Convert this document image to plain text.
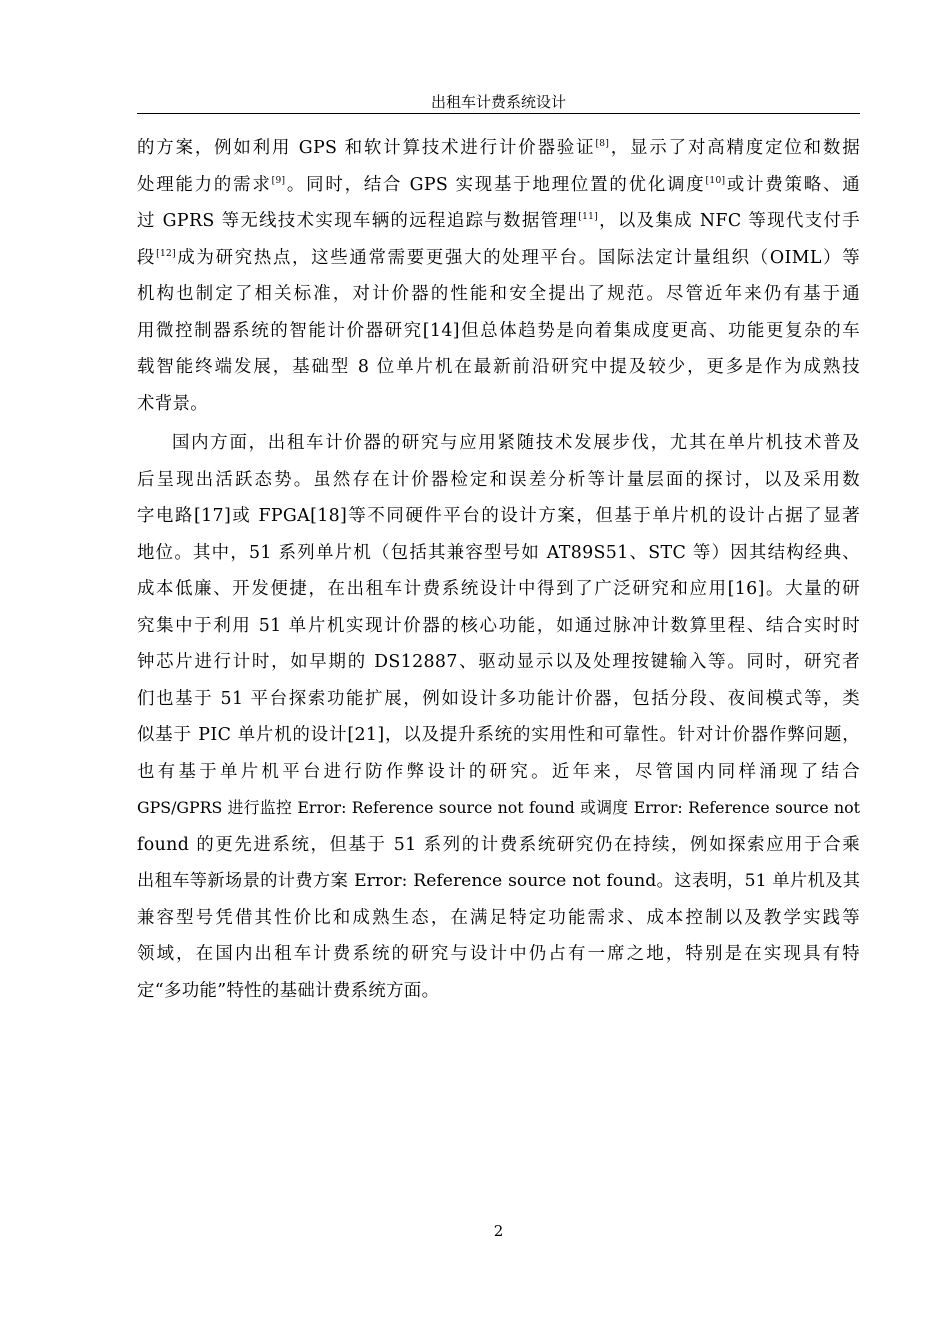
出租车计费系统设计
的方案，例如利用 GPS 和软计算技术进行计价器验证[8]，显示了对高精度定位和数据
处理能力的需求[9]。同时，结合 GPS 实现基于地理位置的优化调度[10]或计费策略、通
过 GPRS 等无线技术实现车辆的远程追踪与数据管理[11]，以及集成 NFC 等现代支付手
段[12]成为研究热点，这些通常需要更强大的处理平台。国际法定计量组织（OIML）等
机构也制定了相关标准，对计价器的性能和安全提出了规范。尽管近年来仍有基于通
用微控制器系统的智能计价器研究[14]但总体趋势是向着集成度更高、功能更复杂的车
载智能终端发展，基础型 8 位单片机在最新前沿研究中提及较少，更多是作为成熟技
术背景。
国内方面，出租车计价器的研究与应用紧随技术发展步伐，尤其在单片机技术普及
后呈现出活跃态势。虽然存在计价器检定和误差分析等计量层面的探讨，以及采用数
字电路[17]或 FPGA[18]等不同硬件平台的设计方案，但基于单片机的设计占据了显著
地位。其中，51 系列单片机（包括其兼容型号如 AT89S51、STC 等）因其结构经典、
成本低廉、开发便捷，在出租车计费系统设计中得到了广泛研究和应用[16]。大量的研
究集中于利用 51 单片机实现计价器的核心功能，如通过脉冲计数算里程、结合实时时
钟芯片进行计时，如早期的 DS12887、驱动显示以及处理按键输入等。同时，研究者
们也基于 51 平台探索功能扩展，例如设计多功能计价器，包括分段、夜间模式等，类
似基于 PIC 单片机的设计[21]，以及提升系统的实用性和可靠性。针对计价器作弊问题，
也有基于单片机平台进行防作弊设计的研究。近年来，尽管国内同样涌现了结合
GPS/GPRS 进行监控 Error: Reference source not found 或调度 Error: Reference source not
found 的更先进系统，但基于 51 系列的计费系统研究仍在持续，例如探索应用于合乘
出租车等新场景的计费方案 Error: Reference source not found。这表明，51 单片机及其
兼容型号凭借其性价比和成熟生态，在满足特定功能需求、成本控制以及教学实践等
领域，在国内出租车计费系统的研究与设计中仍占有一席之地，特别是在实现具有特
定“多功能”特性的基础计费系统方面。
2
